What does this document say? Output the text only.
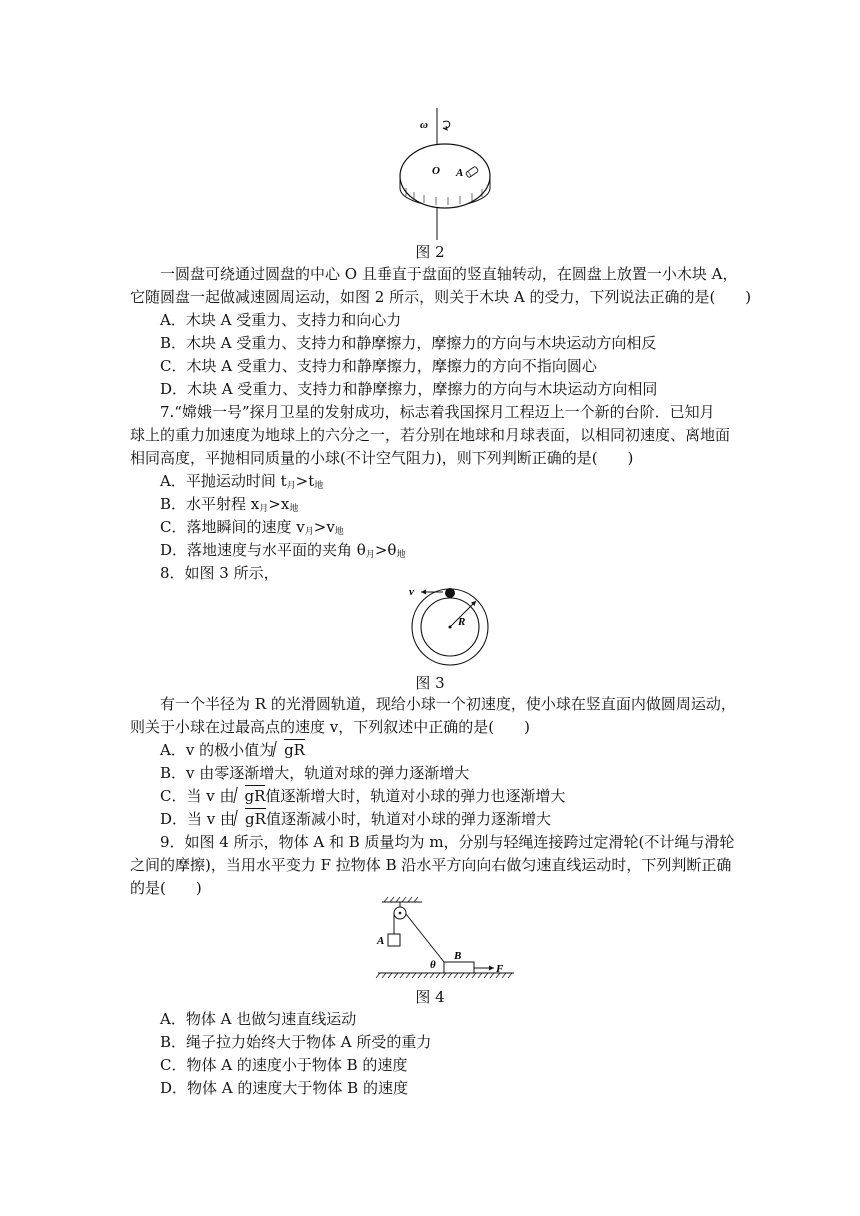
ω
O A
图 2
一圆盘可绕通过圆盘的中心 O 且垂直于盘面的竖直轴转动，在圆盘上放置一小木块 A，
它随圆盘一起做减速圆周运动，如图 2 所示，则关于木块 A 的受力，下列说法正确的是(　　)
A．木块 A 受重力、支持力和向心力
B．木块 A 受重力、支持力和静摩擦力，摩擦力的方向与木块运动方向相反
C．木块 A 受重力、支持力和静摩擦力，摩擦力的方向不指向圆心
D．木块 A 受重力、支持力和静摩擦力，摩擦力的方向与木块运动方向相同
7.“嫦娥一号”探月卫星的发射成功，标志着我国探月工程迈上一个新的台阶．已知月
球上的重力加速度为地球上的六分之一，若分别在地球和月球表面，以相同初速度、离地面
相同高度，平抛相同质量的小球(不计空气阻力)，则下列判断正确的是(　　)
A．平抛运动时间 $t_月>t_地$
B．水平射程 $x_月>x_地$
C．落地瞬间的速度 $v_月>v_地$
D．落地速度与水平面的夹角 $\theta_月>\theta_地$
8．如图 3 所示，
v
R
图 3
有一个半径为 R 的光滑圆轨道，现给小球一个初速度，使小球在竖直面内做圆周运动，
则关于小球在过最高点的速度 v，下列叙述中正确的是(　　)
A．v 的极小值为 gR
B．v 由零逐渐增大，轨道对球的弹力逐渐增大
C．当 v 由 gR值逐渐增大时，轨道对小球的弹力也逐渐增大
D．当 v 由 gR值逐渐减小时，轨道对小球的弹力逐渐增大
9．如图 4 所示，物体 A 和 B 质量均为 m，分别与轻绳连接跨过定滑轮(不计绳与滑轮
之间的摩擦)，当用水平变力 F 拉物体 B 沿水平方向向右做匀速直线运动时，下列判断正确
的是(　　)
A
B
θ	F
图 4
A．物体 A 也做匀速直线运动
B．绳子拉力始终大于物体 A 所受的重力
C．物体 A 的速度小于物体 B 的速度
D．物体 A 的速度大于物体 B 的速度
